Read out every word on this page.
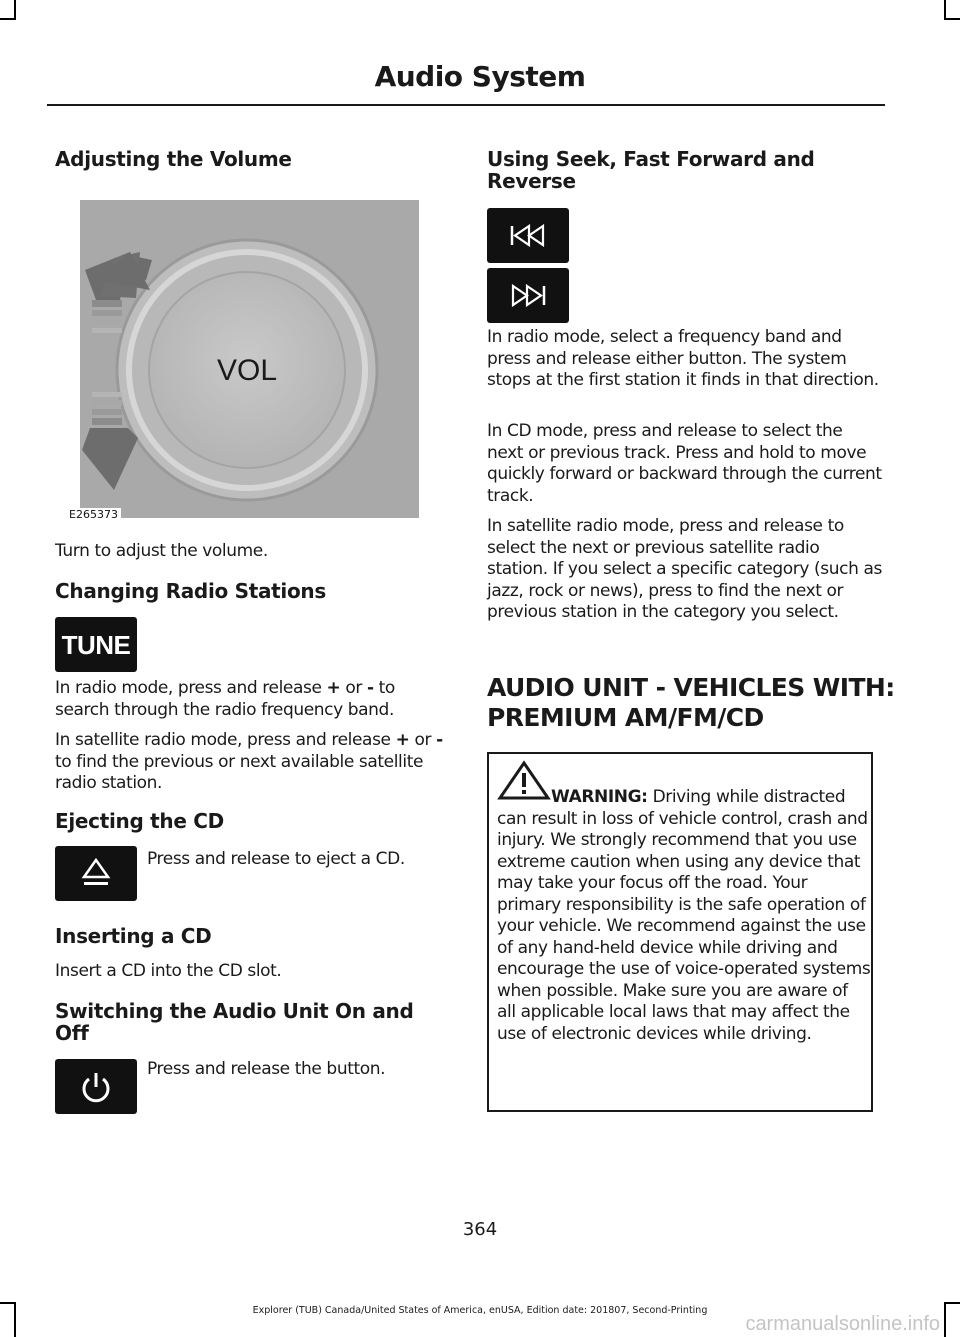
Audio System
Adjusting the Volume
VOL
E265373

Turn to adjust the volume.

Changing Radio Stations
TUNE

In radio mode, press and release + or - to search through the radio frequency band.

In satellite radio mode, press and release + or - to find the previous or next available satellite radio station.

Ejecting the CD

Press and release to eject a CD.

Inserting a CD

Insert a CD into the CD slot.

Switching the Audio Unit On and Off

Press and release the button.

Using Seek, Fast Forward and Reverse

In radio mode, select a frequency band and press and release either button. The system stops at the first station it finds in that direction.

In CD mode, press and release to select the next or previous track. Press and hold to move quickly forward or backward through the current track.

In satellite radio mode, press and release to select the next or previous satellite radio station. If you select a specific category (such as jazz, rock or news), press to find the next or previous station in the category you select.

AUDIO UNIT - VEHICLES WITH:
PREMIUM AM/FM/CD

WARNING: Driving while distracted can result in loss of vehicle control, crash and injury. We strongly recommend that you use extreme caution when using any device that may take your focus off the road. Your primary responsibility is the safe operation of your vehicle. We recommend against the use of any hand-held device while driving and encourage the use of voice-operated systems when possible. Make sure you are aware of all applicable local laws that may affect the use of electronic devices while driving.

364
Explorer (TUB) Canada/United States of America, enUSA, Edition date: 201807, Second-Printing
carmanualsonline.info
